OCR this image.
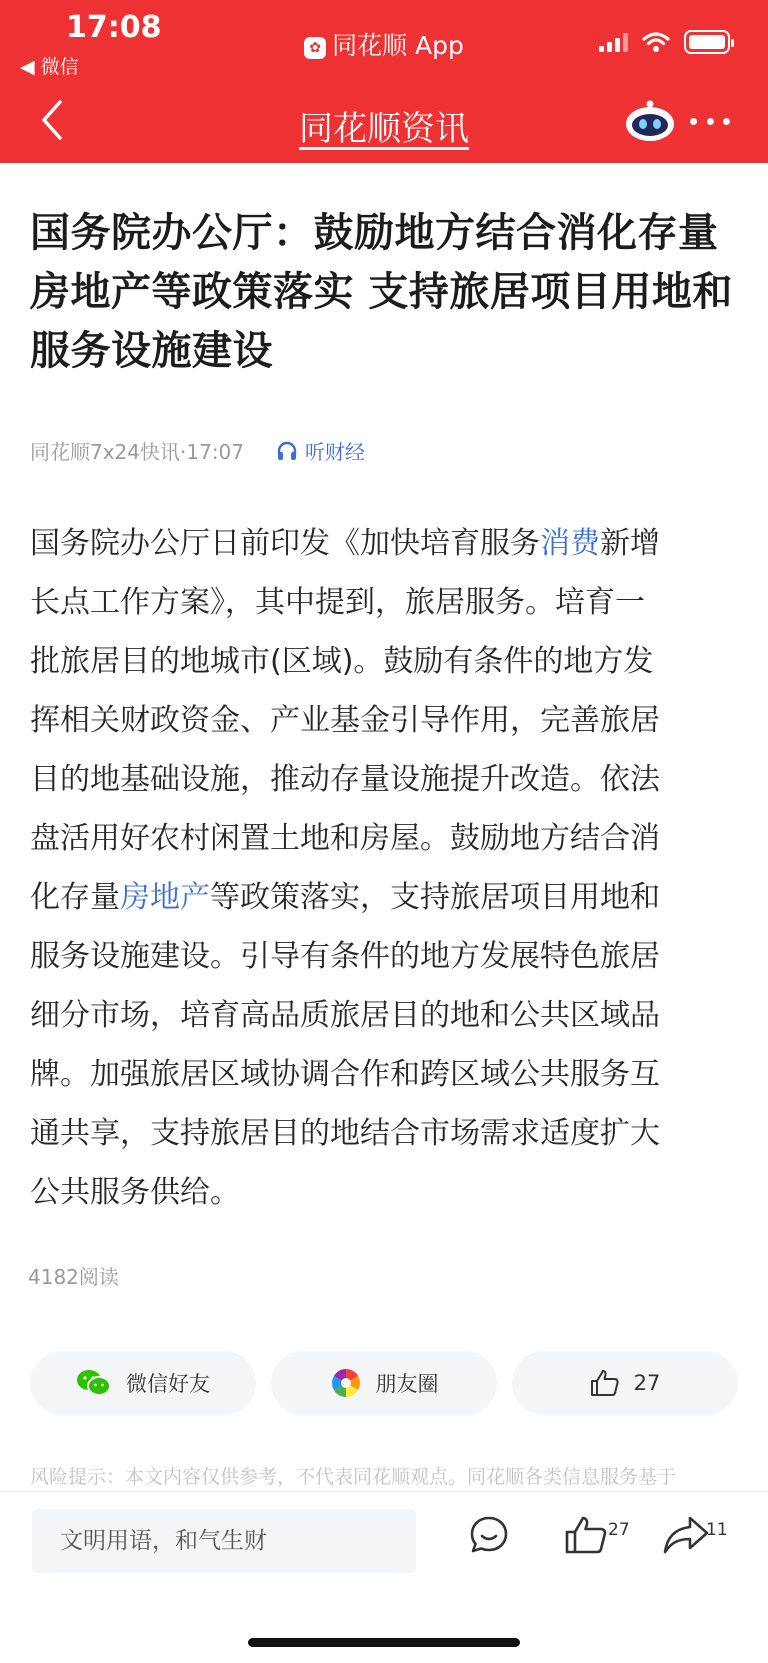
17:08
◀ 微信
✿ 同花顺 App
同花顺资讯
国务院办公厅：鼓励地方结合消化存量房地产等政策落实 支持旅居项目用地和服务设施建设
同花顺7x24快讯·17:07	听财经
国务院办公厅日前印发《加快培育服务消费新增
长点工作方案》，其中提到，旅居服务。培育一
批旅居目的地城市(区域)。鼓励有条件的地方发
挥相关财政资金、产业基金引导作用，完善旅居
目的地基础设施，推动存量设施提升改造。依法
盘活用好农村闲置土地和房屋。鼓励地方结合消
化存量房地产等政策落实，支持旅居项目用地和
服务设施建设。引导有条件的地方发展特色旅居
细分市场，培育高品质旅居目的地和公共区域品
牌。加强旅居区域协调合作和跨区域公共服务互
通共享，支持旅居目的地结合市场需求适度扩大
公共服务供给。
4182阅读
微信好友	朋友圈	27
风险提示：本文内容仅供参考，不代表同花顺观点。同花顺各类信息服务基于
文明用语，和气生财	27	11
